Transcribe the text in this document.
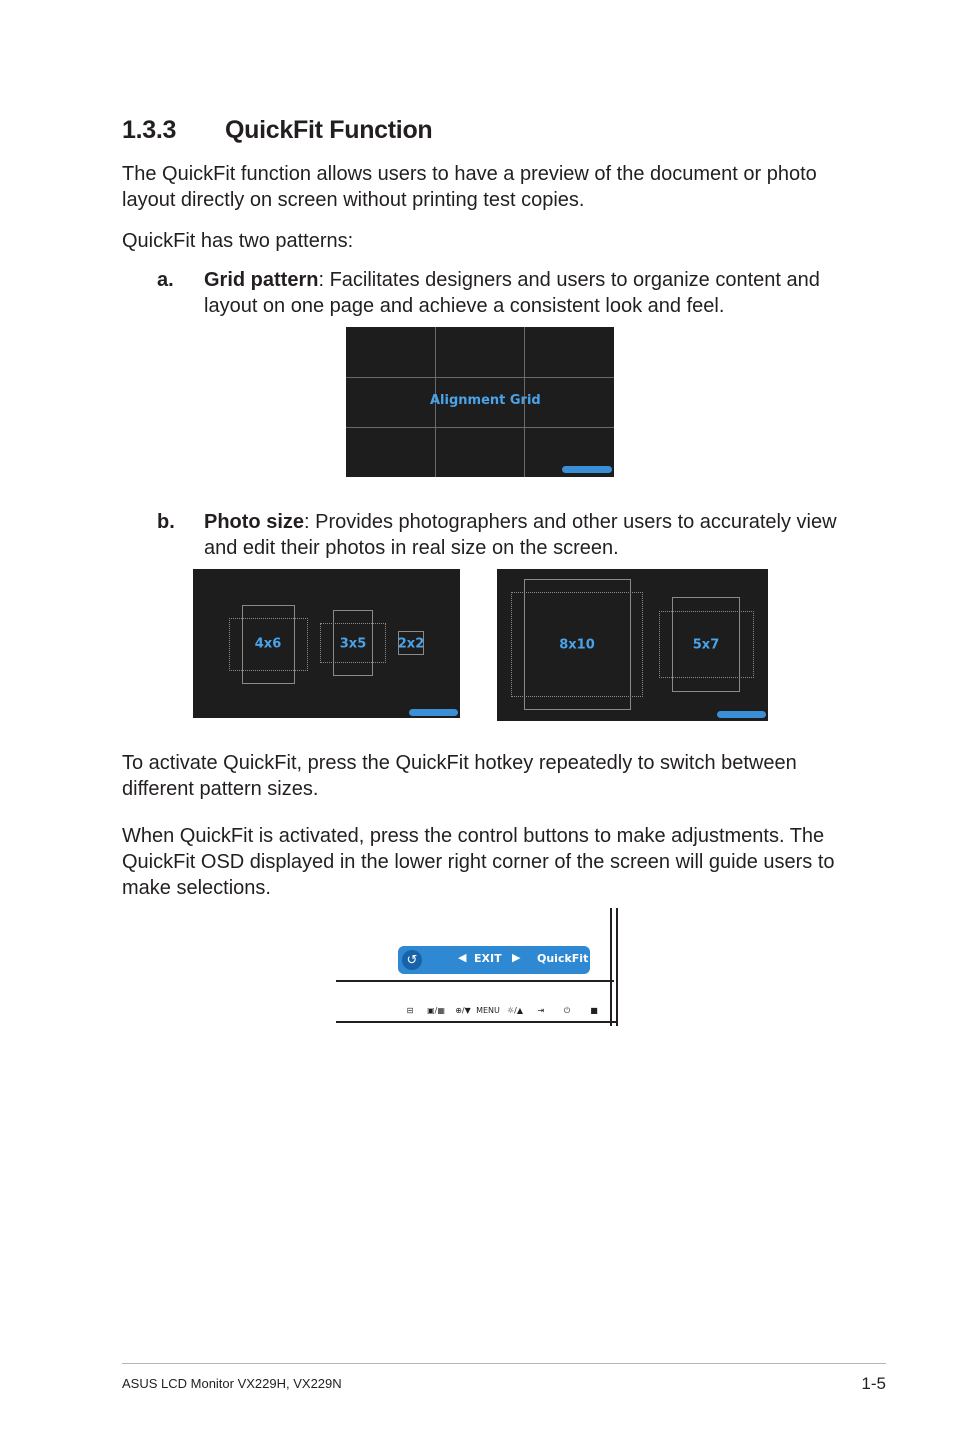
1.3.3 QuickFit Function
The QuickFit function allows users to have a preview of the document or photo layout directly on screen without printing test copies.
QuickFit has two patterns:
a. Grid pattern: Facilitates designers and users to organize content and layout on one page and achieve a consistent look and feel.
Alignment Grid
b. Photo size: Provides photographers and other users to accurately view and edit their photos in real size on the screen.
4x6	3x5 2x2	8x10	5x7
To activate QuickFit, press the QuickFit hotkey repeatedly to switch between different pattern sizes.
When QuickFit is activated, press the control buttons to make adjustments. The QuickFit OSD displayed in the lower right corner of the screen will guide users to make selections.
↺	◀ EXIT ▶ QuickFit
⊟ ▣/▦ ⊕/▼ MENU ☼/▲ ⇥ ⏻	■
ASUS LCD Monitor VX229H, VX229N	1-5
